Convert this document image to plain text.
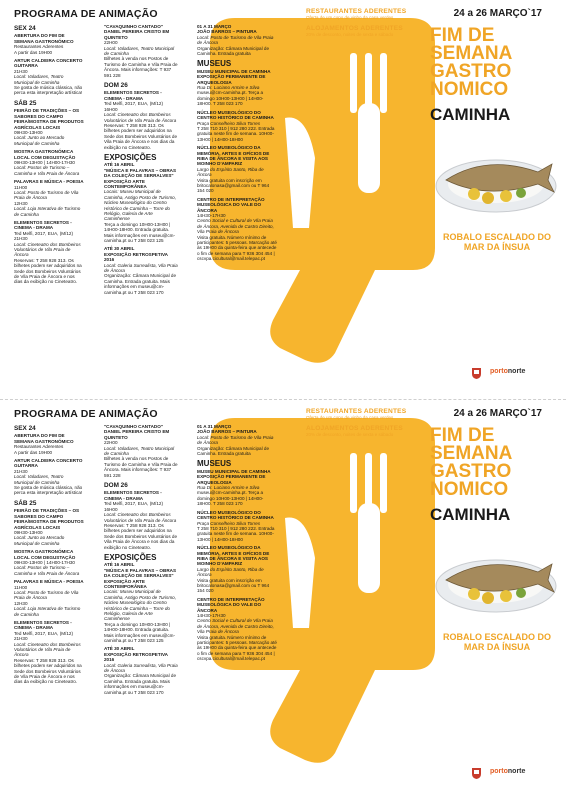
PROGRAMA DE ANIMAÇÃO
SEX 24
ABERTURA DO FIM DE SEMANA GASTRONÓMICO
Restaurantes Aderentes
A partir das 19H00
ARTUR CALDEIRA CONCERTO GUITARRA
21H30
Local: Valadares, Teatro Municipal de Caminha
Se gosta de música clássica, não perca esta interpretação artística!
SÁB 25
FEIRÃO DE TRADIÇÕES – OS SABORES DO CAMPO FEIRA/MOSTRA DE PRODUTOS AGRÍCOLAS LOCAIS
09H30-13H00
Local: Junto ao Mercado Municipal de Caminha
MOSTRA GASTRONÓMICA LOCAL COM DEGUSTAÇÃO
09H30-13H00 | 14H00-17H30
Local: Postos de Turismo – Caminha e Vila Praia de Âncora
PALAVRAS E MÚSICA - POESIA
11H00
Local: Posto de Turismo de Vila Praia de Âncora
12H30
Local: Loja Interativa de Turismo de Caminha
ELEMENTOS SECRETOS - CINEMA - DRAMA
Ted Melfi, 2017, EUA, (M/12)
21H30
Local: Cineteatro dos Bombeiros Voluntários de Vila Praia de Âncora
Reservas: T 258 928 313. Os bilhetes podem ser adquiridos na Sede dos Bombeiros Voluntários de Vila Praia de Âncora e nos dias da exibição no Cineteatro.
"CAVAQUINHO CANTADO" DANIEL PEREIRA CRISTO EM QUINTETO
22H00
Local: Valadares, Teatro Municipal de Caminha
Bilhetes à venda nos Postos de Turismo de Caminha e Vila Praia de Âncora. Mais informações: T 937 591 228
DOM 26
ELEMENTOS SECRETOS - CINEMA - DRAMA
Ted Melfi, 2017, EUA, (M/12)
16H00
Local: Cineteatro dos Bombeiros Voluntários de Vila Praia de Âncora
Reservas: T 258 928 313. Os bilhetes podem ser adquiridos na Sede dos Bombeiros Voluntários de Vila Praia de Âncora e nos dias da exibição no Cineteatro.
EXPOSIÇÕES
ATÉ 16 ABRIL
"MÚSICA E PALAVRAS – OBRAS DA COLEÇÃO DE SERRALVES" EXPOSIÇÃO ARTE CONTEMPORÂNEA
Locais: Museu Municipal de Caminha, Antigo Posto de Turismo, Núcleo Museológico do Centro Histórico de Caminha – Torre do Relógio, Galeria de Arte Caminhense
Terça a domingo 10H00-13H00 | 14H00-18H00. Entrada gratuita. Mais informações em museu@cm-caminha.pt ou T 258 023 125
ATÉ 30 ABRIL
EXPOSIÇÃO RETROSPETIVA 2016
Local: Galeria Surrealista, Vila Praia de Âncora
Organização: Câmara Municipal de Caminha. Entrada gratuita. Mais informações em museu@cm-caminha.pt ou T 258 023 170
01 A 31 MARÇO
JOÃO BARROS – PINTURA
Local: Posto de Turismo de Vila Praia de Âncora
Organização: Câmara Municipal de Caminha. Entrada gratuita
MUSEUS
MUSEU MUNICIPAL DE CAMINHA EXPOSIÇÃO PERMANENTE DE ARQUEOLOGIA
Rua Dr. Luciano Armim e Silva
museu@cm-caminha.pt. Terça a domingo 10H00-13H00 | 14H00-18H00. T 258 023 170
NÚCLEO MUSEOLÓGICO DO CENTRO HISTÓRICO DE CAMINHA
Praça Conselheiro Silva Torres
T 258 710 310 | 912 280 222. Entrada gratuita neste fim de semana. 10H00-13H00 | 14H00-18H00
NÚCLEO MUSEOLÓGICO DA MEMÓRIA, ARTES E OFÍCIOS DE RIBA DE ÂNCORA E VISITA AOS MOINHO D'AMPARIZ
Largo do Espírito Santo, Riba de Âncora
Visita gratuita com inscrição em britocalonasa@gmail.com ou T 964 154 020
CENTRO DE INTERPRETAÇÃO MUSEOLÓGICA DO VALE DO ÂNCORA
14H30-17H30
Centro Social e Cultural de Vila Praia de Âncora, Avenida de Castro Direito, Vila Praia de Âncora
Visita gratuita. Número mínimo de participantes: 5 pessoas. Marcação até às 19H00 da quinta-feira que antecede o fim de semana para T 936 304 454 | cscvpa.cicultural@mail.telepac.pt
RESTAURANTES ADERENTES
Oferta de um copo de vinho da casa verdes
ALOJAMENTOS ADERENTES
20% de desconto, noites de sexta e sábado
24 a 26 MARÇO`17
FIM DE
SEMANA
GASTRO
NOMICO
CAMINHA
ROBALO ESCALADO DO MAR DA ÍNSUA
portonorte
PROGRAMA DE ANIMAÇÃO
SEX 24
ABERTURA DO FIM DE SEMANA GASTRONÓMICO
Restaurantes Aderentes
A partir das 19H00
ARTUR CALDEIRA CONCERTO GUITARRA
21H30
Local: Valadares, Teatro Municipal de Caminha
Se gosta de música clássica, não perca esta interpretação artística!
SÁB 25
FEIRÃO DE TRADIÇÕES – OS SABORES DO CAMPO FEIRA/MOSTRA DE PRODUTOS AGRÍCOLAS LOCAIS
09H30-13H00
Local: Junto ao Mercado Municipal de Caminha
MOSTRA GASTRONÓMICA LOCAL COM DEGUSTAÇÃO
09H30-13H00 | 14H00-17H30
Local: Postos de Turismo – Caminha e Vila Praia de Âncora
PALAVRAS E MÚSICA - POESIA
11H00
Local: Posto de Turismo de Vila Praia de Âncora
12H30
Local: Loja Interativa de Turismo de Caminha
ELEMENTOS SECRETOS - CINEMA - DRAMA
Ted Melfi, 2017, EUA, (M/12)
21H30
Local: Cineteatro dos Bombeiros Voluntários de Vila Praia de Âncora
Reservas: T 258 928 313. Os bilhetes podem ser adquiridos na Sede dos Bombeiros Voluntários de Vila Praia de Âncora e nos dias da exibição no Cineteatro.
"CAVAQUINHO CANTADO" DANIEL PEREIRA CRISTO EM QUINTETO
22H00
Local: Valadares, Teatro Municipal de Caminha
Bilhetes à venda nos Postos de Turismo de Caminha e Vila Praia de Âncora. Mais informações: T 937 591 228
DOM 26
ELEMENTOS SECRETOS - CINEMA - DRAMA
Ted Melfi, 2017, EUA, (M/12)
16H00
Local: Cineteatro dos Bombeiros Voluntários de Vila Praia de Âncora
Reservas: T 258 928 313. Os bilhetes podem ser adquiridos na Sede dos Bombeiros Voluntários de Vila Praia de Âncora e nos dias da exibição no Cineteatro.
EXPOSIÇÕES
ATÉ 16 ABRIL
"MÚSICA E PALAVRAS – OBRAS DA COLEÇÃO DE SERRALVES" EXPOSIÇÃO ARTE CONTEMPORÂNEA
Locais: Museu Municipal de Caminha, Antigo Posto de Turismo, Núcleo Museológico do Centro Histórico de Caminha – Torre do Relógio, Galeria de Arte Caminhense
Terça a domingo 10H00-13H00 | 14H00-18H00. Entrada gratuita. Mais informações em museu@cm-caminha.pt ou T 258 023 125
ATÉ 30 ABRIL
EXPOSIÇÃO RETROSPETIVA 2016
Local: Galeria Surrealista, Vila Praia de Âncora
Organização: Câmara Municipal de Caminha. Entrada gratuita. Mais informações em museu@cm-caminha.pt ou T 258 023 170
01 A 31 MARÇO
JOÃO BARROS – PINTURA
Local: Posto de Turismo de Vila Praia de Âncora
Organização: Câmara Municipal de Caminha. Entrada gratuita
MUSEUS
MUSEU MUNICIPAL DE CAMINHA EXPOSIÇÃO PERMANENTE DE ARQUEOLOGIA
Rua Dr. Luciano Armim e Silva
museu@cm-caminha.pt. Terça a domingo 10H00-13H00 | 14H00-18H00. T 258 023 170
NÚCLEO MUSEOLÓGICO DO CENTRO HISTÓRICO DE CAMINHA
Praça Conselheiro Silva Torres
T 258 710 310 | 912 280 222. Entrada gratuita neste fim de semana. 10H00-13H00 | 14H00-18H00
NÚCLEO MUSEOLÓGICO DA MEMÓRIA, ARTES E OFÍCIOS DE RIBA DE ÂNCORA E VISITA AOS MOINHO D'AMPARIZ
Largo do Espírito Santo, Riba de Âncora
Visita gratuita com inscrição em britocalonasa@gmail.com ou T 964 154 020
CENTRO DE INTERPRETAÇÃO MUSEOLÓGICA DO VALE DO ÂNCORA
14H30-17H30
Centro Social e Cultural de Vila Praia de Âncora, Avenida de Castro Direito, Vila Praia de Âncora
Visita gratuita. Número mínimo de participantes: 5 pessoas. Marcação até às 19H00 da quinta-feira que antecede o fim de semana para T 936 304 454 | cscvpa.cicultural@mail.telepac.pt
RESTAURANTES ADERENTES
Oferta de um copo de vinho da casa verdes
ALOJAMENTOS ADERENTES
20% de desconto, noites de sexta e sábado
24 a 26 MARÇO`17
FIM DE
SEMANA
GASTRO
NOMICO
CAMINHA
ROBALO ESCALADO DO MAR DA ÍNSUA
portonorte
